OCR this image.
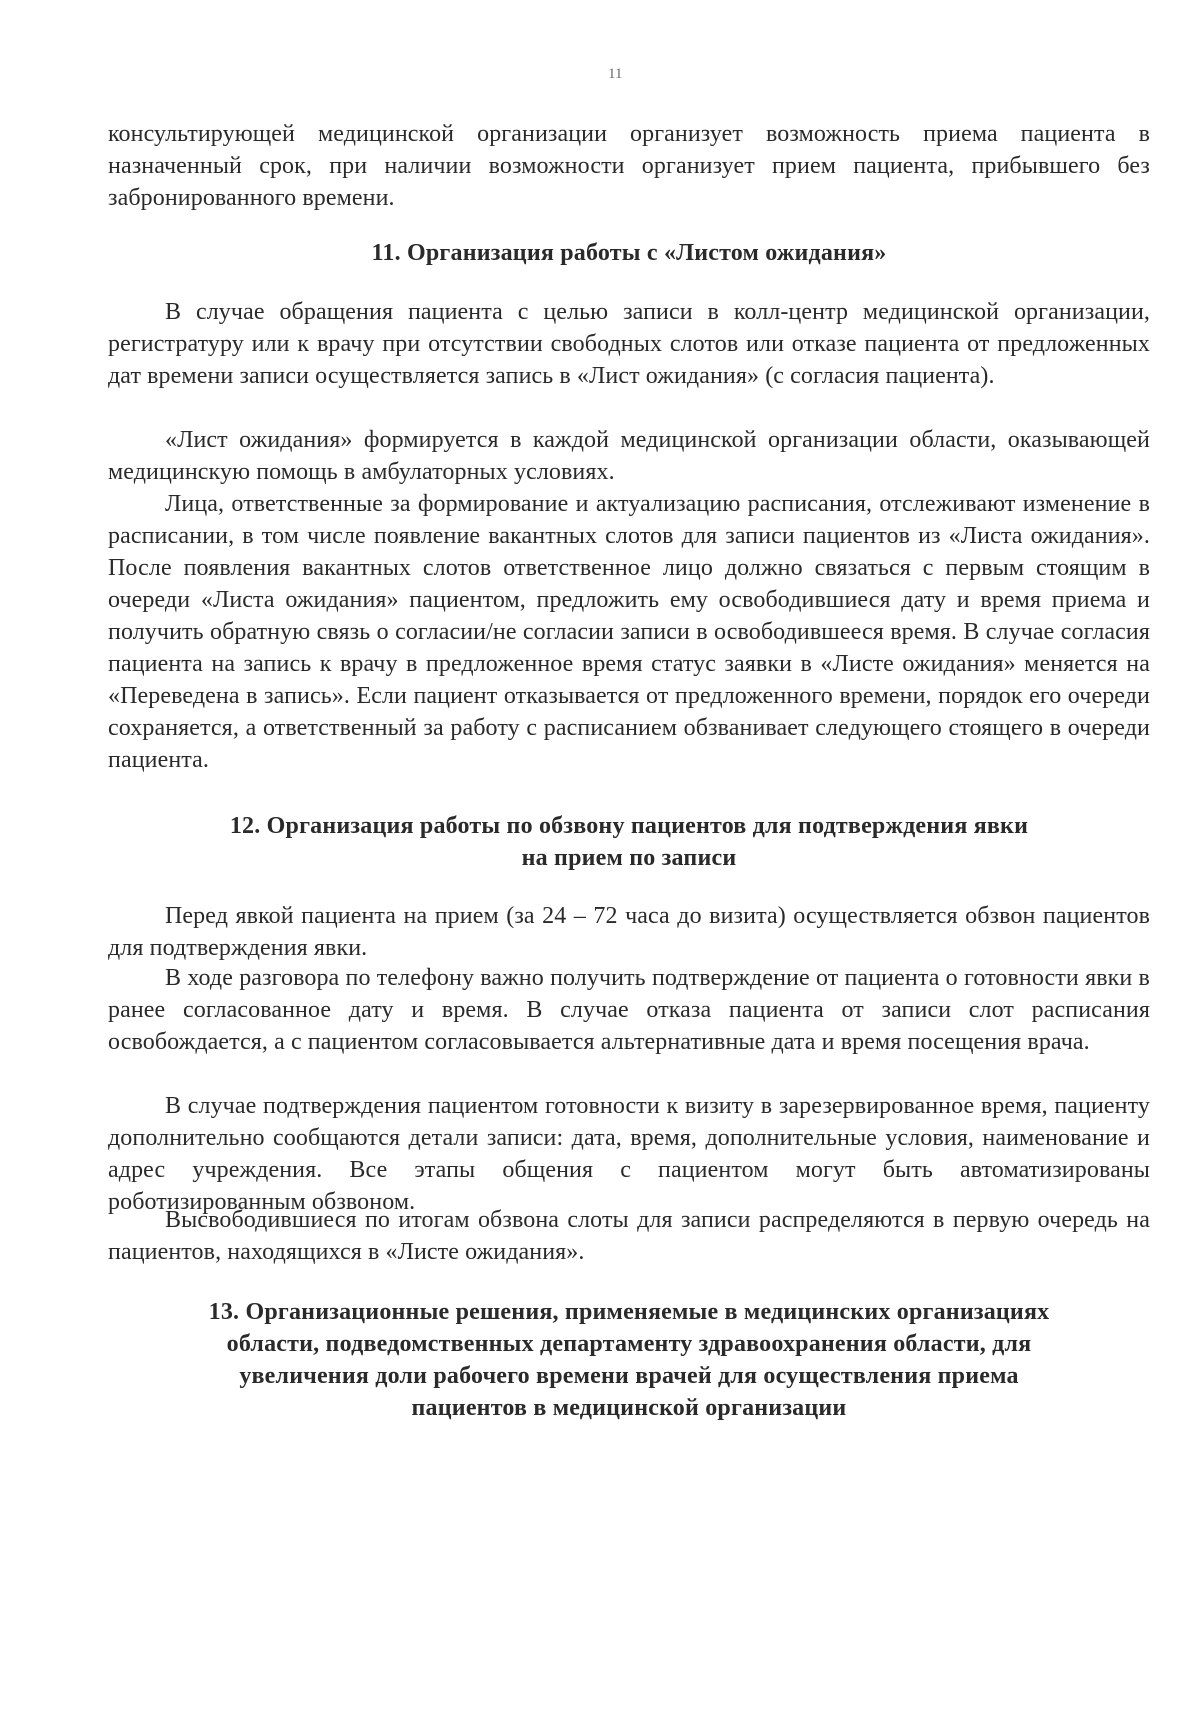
11

консультирующей медицинской организации организует возможность приема пациента в назначенный срок, при наличии возможности организует прием пациента, прибывшего без забронированного времени.

11. Организация работы с «Листом ожидания»

В случае обращения пациента с целью записи в колл-центр медицинской организации, регистратуру или к врачу при отсутствии свободных слотов или отказе пациента от предложенных дат времени записи осуществляется запись в «Лист ожидания» (с согласия пациента).

«Лист ожидания» формируется в каждой медицинской организации области, оказывающей медицинскую помощь в амбулаторных условиях.

Лица, ответственные за формирование и актуализацию расписания, отслеживают изменение в расписании, в том числе появление вакантных слотов для записи пациентов из «Листа ожидания». После появления вакантных слотов ответственное лицо должно связаться с первым стоящим в очереди «Листа ожидания» пациентом, предложить ему освободившиеся дату и время приема и получить обратную связь о согласии/не согласии записи в освободившееся время. В случае согласия пациента на запись к врачу в предложенное время статус заявки в «Листе ожидания» меняется на «Переведена в запись». Если пациент отказывается от предложенного времени, порядок его очереди сохраняется, а ответственный за работу с расписанием обзванивает следующего стоящего в очереди пациента.

12. Организация работы по обзвону пациентов для подтверждения явки
на прием по записи

Перед явкой пациента на прием (за 24 – 72 часа до визита) осуществляется обзвон пациентов для подтверждения явки.

В ходе разговора по телефону важно получить подтверждение от пациента о готовности явки в ранее согласованное дату и время. В случае отказа пациента от записи слот расписания освобождается, а с пациентом согласовывается альтернативные дата и время посещения врача.

В случае подтверждения пациентом готовности к визиту в зарезервированное время, пациенту дополнительно сообщаются детали записи: дата, время, дополнительные условия, наименование и адрес учреждения. Все этапы общения с пациентом могут быть автоматизированы роботизированным обзвоном.

Высвободившиеся по итогам обзвона слоты для записи распределяются в первую очередь на пациентов, находящихся в «Листе ожидания».

13. Организационные решения, применяемые в медицинских организациях
области, подведомственных департаменту здравоохранения области, для
увеличения доли рабочего времени врачей для осуществления приема
пациентов в медицинской организации
